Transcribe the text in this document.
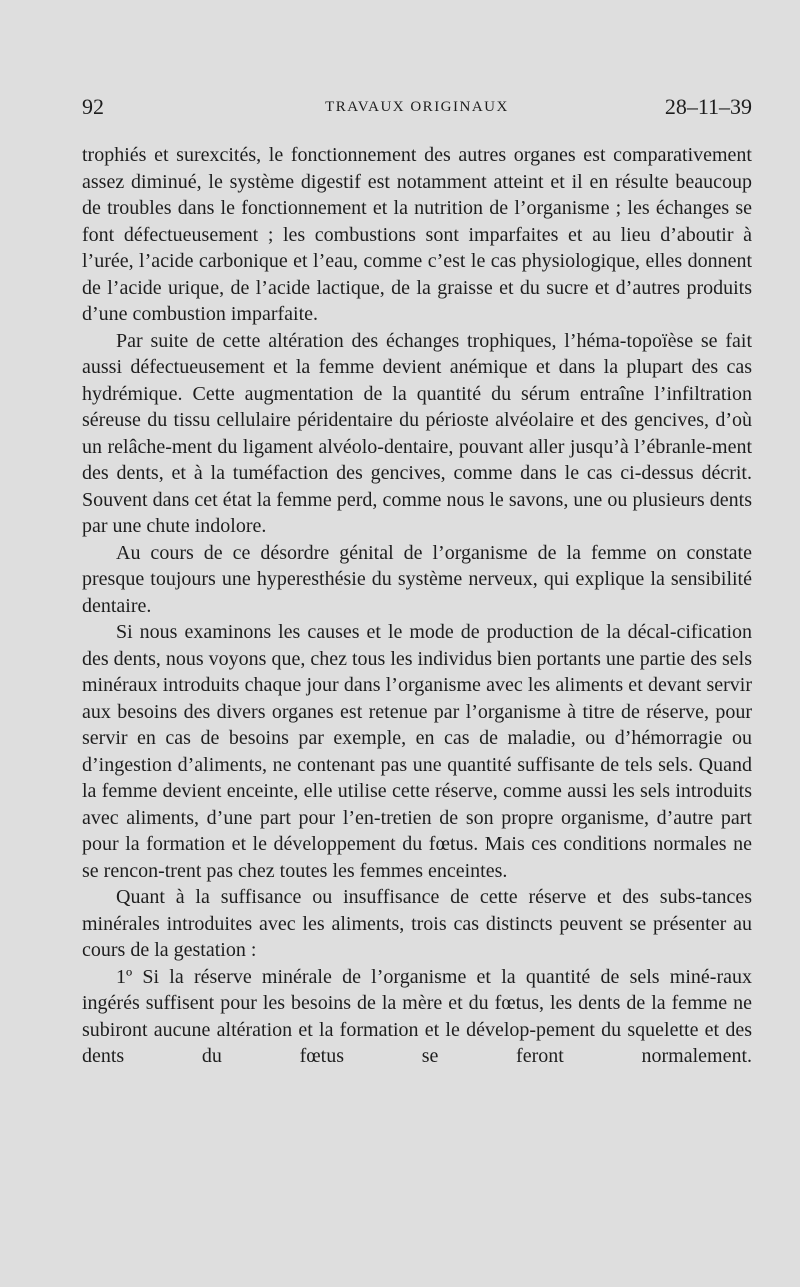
92	TRAVAUX ORIGINAUX	28–11–39

trophiés et surexcités, le fonctionnement des autres organes est comparativement assez diminué, le système digestif est notamment atteint et il en résulte beaucoup de troubles dans le fonctionnement et la nutrition de l’organisme ; les échanges se font défectueusement ; les combustions sont imparfaites et au lieu d’aboutir à l’urée, l’acide carbonique et l’eau, comme c’est le cas physiologique, elles donnent de l’acide urique, de l’acide lactique, de la graisse et du sucre et d’autres produits d’une combustion imparfaite.

Par suite de cette altération des échanges trophiques, l’héma-topoïèse se fait aussi défectueusement et la femme devient anémique et dans la plupart des cas hydrémique. Cette augmentation de la quantité du sérum entraîne l’infiltration séreuse du tissu cellulaire péridentaire du périoste alvéolaire et des gencives, d’où un relâche-ment du ligament alvéolo-dentaire, pouvant aller jusqu’à l’ébranle-ment des dents, et à la tuméfaction des gencives, comme dans le cas ci-dessus décrit. Souvent dans cet état la femme perd, comme nous le savons, une ou plusieurs dents par une chute indolore.

Au cours de ce désordre génital de l’organisme de la femme on constate presque toujours une hyperesthésie du système nerveux, qui explique la sensibilité dentaire.

Si nous examinons les causes et le mode de production de la décal-cification des dents, nous voyons que, chez tous les individus bien portants une partie des sels minéraux introduits chaque jour dans l’organisme avec les aliments et devant servir aux besoins des divers organes est retenue par l’organisme à titre de réserve, pour servir en cas de besoins par exemple, en cas de maladie, ou d’hémorragie ou d’ingestion d’aliments, ne contenant pas une quantité suffisante de tels sels. Quand la femme devient enceinte, elle utilise cette réserve, comme aussi les sels introduits avec aliments, d’une part pour l’en-tretien de son propre organisme, d’autre part pour la formation et le développement du fœtus. Mais ces conditions normales ne se rencon-trent pas chez toutes les femmes enceintes.

Quant à la suffisance ou insuffisance de cette réserve et des subs-tances minérales introduites avec les aliments, trois cas distincts peuvent se présenter au cours de la gestation :

1º Si la réserve minérale de l’organisme et la quantité de sels miné-raux ingérés suffisent pour les besoins de la mère et du fœtus, les dents de la femme ne subiront aucune altération et la formation et le dévelop-pement du squelette et des dents du fœtus se feront normalement.
